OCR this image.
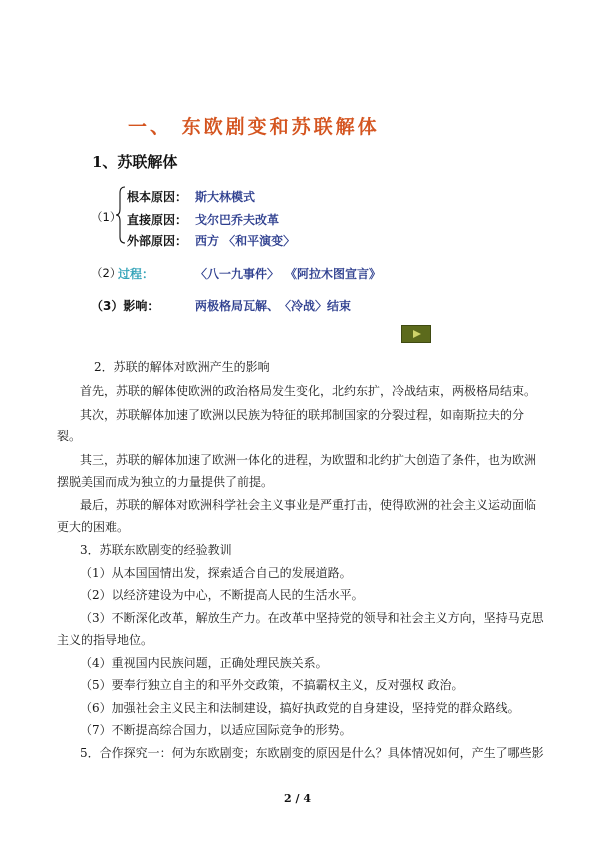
一、 东欧剧变和苏联解体
1、苏联解体
（1）
根本原因： 斯大林模式
直接原因： 戈尔巴乔夫改革
外部原因： 西方 〈和平演变〉
（2）
过程：	〈八一九事件〉 《阿拉木图宣言》
（3）影响：	两极格局瓦解、〈冷战〉结束
2．苏联的解体对欧洲产生的影响
首先，苏联的解体使欧洲的政治格局发生变化，北约东扩，冷战结束，两极格局结束。
其次，苏联解体加速了欧洲以民族为特征的联邦制国家的分裂过程，如南斯拉夫的分
裂。
其三，苏联的解体加速了欧洲一体化的进程，为欧盟和北约扩大创造了条件，也为欧洲
摆脱美国而成为独立的力量提供了前提。
最后，苏联的解体对欧洲科学社会主义事业是严重打击，使得欧洲的社会主义运动面临
更大的困难。
3．苏联东欧剧变的经验教训
（1）从本国国情出发，探索适合自己的发展道路。
（2）以经济建设为中心，不断提高人民的生活水平。
（3）不断深化改革，解放生产力。在改革中坚持党的领导和社会主义方向，坚持马克思
主义的指导地位。
（4）重视国内民族问题，正确处理民族关系。
（5）要奉行独立自主的和平外交政策，不搞霸权主义，反对强权 政治。
（6）加强社会主义民主和法制建设，搞好执政党的自身建设，坚持党的群众路线。
（7）不断提高综合国力，以适应国际竞争的形势。
5．合作探究一：何为东欧剧变；东欧剧变的原因是什么？具体情况如何，产生了哪些影
2 / 4
